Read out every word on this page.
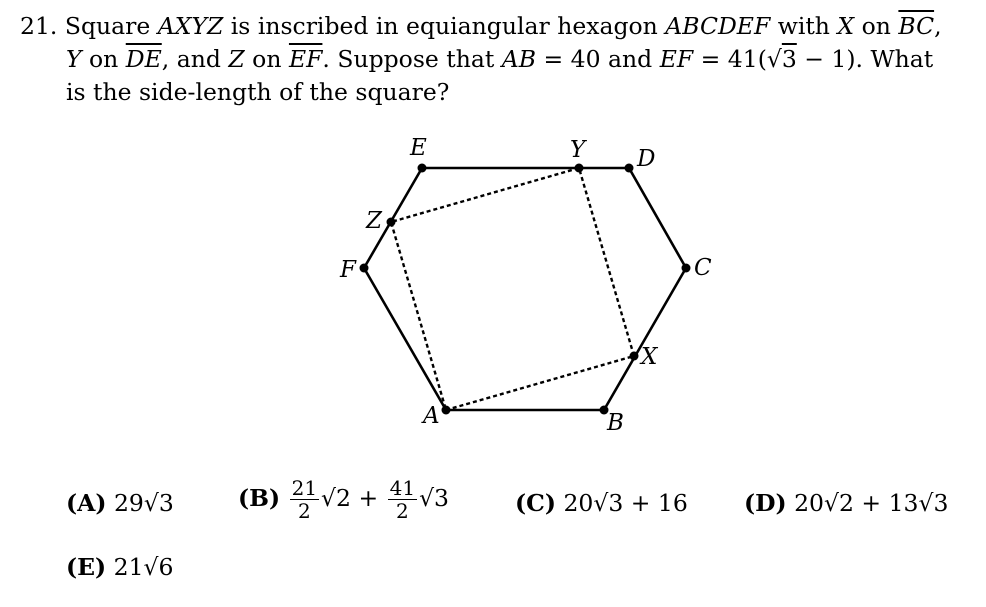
21. Square AXYZ is inscribed in equiangular hexagon ABCDEF with X on $\overline{BC}$,
Y on $\overline{DE}$, and Z on $\overline{EF}$. Suppose that AB = 40 and EF = 41(√3 − 1). What
is the side-length of the square?
A	B
C
D
E
F
X
Y
Z
(A) 29√3	$(B) \frac{21}{2} √2 + \frac{41}{2} √3$	(C) 20√3 + 16 (D) 20√2 + 13√3
(E) 21√6
